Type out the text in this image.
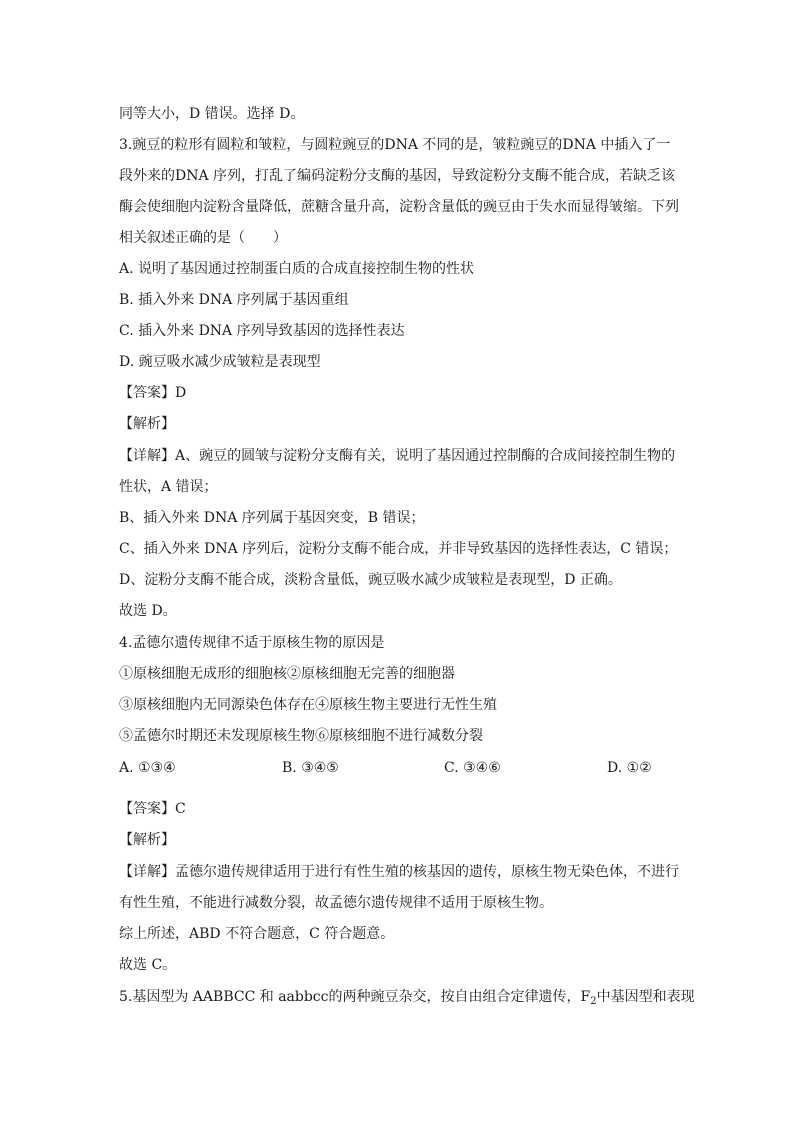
同等大小，D 错误。选择 D。
3.豌豆的粒形有圆粒和皱粒，与圆粒豌豆的DNA 不同的是，皱粒豌豆的DNA 中插入了一
段外来的DNA 序列，打乱了编码淀粉分支酶的基因，导致淀粉分支酶不能合成，若缺乏该
酶会使细胞内淀粉含量降低，蔗糖含量升高，淀粉含量低的豌豆由于失水而显得皱缩。下列
相关叙述正确的是（　　）
A. 说明了基因通过控制蛋白质的合成直接控制生物的性状
B. 插入外来 DNA 序列属于基因重组
C. 插入外来 DNA 序列导致基因的选择性表达
D. 豌豆吸水减少成皱粒是表现型
【答案】D
【解析】
【详解】A、豌豆的圆皱与淀粉分支酶有关，说明了基因通过控制酶的合成间接控制生物的
性状，A 错误；
B、插入外来 DNA 序列属于基因突变，B 错误；
C、插入外来 DNA 序列后，淀粉分支酶不能合成，并非导致基因的选择性表达，C 错误；
D、淀粉分支酶不能合成，淡粉含量低，豌豆吸水减少成皱粒是表现型，D 正确。
故选 D。
4.孟德尔遗传规律不适于原核生物的原因是
①原核细胞无成形的细胞核②原核细胞无完善的细胞器
③原核细胞内无同源染色体存在④原核生物主要进行无性生殖
⑤孟德尔时期还未发现原核生物⑥原核细胞不进行减数分裂
A. ①③④	B. ③④⑤	C. ③④⑥	D. ①②
【答案】C
【解析】
【详解】孟德尔遗传规律适用于进行有性生殖的核基因的遗传，原核生物无染色体，不进行
有性生殖，不能进行减数分裂，故孟德尔遗传规律不适用于原核生物。
综上所述，ABD 不符合题意，C 符合题意。
故选 C。
5.基因型为 AABBCC 和 aabbcc的两种豌豆杂交，按自由组合定律遗传，$F_2$中基因型和表现
